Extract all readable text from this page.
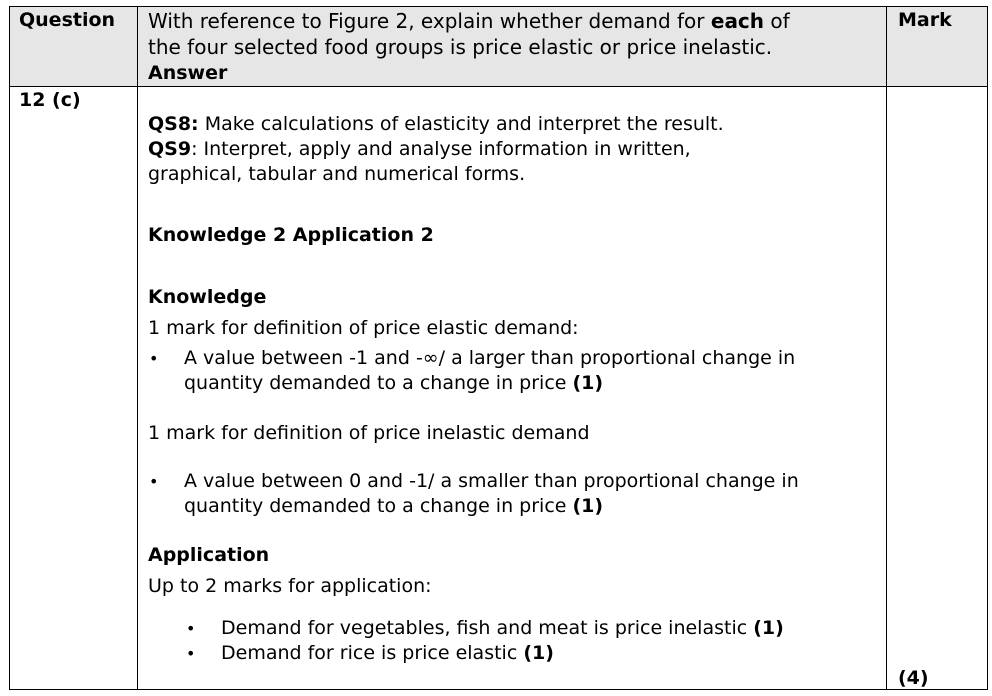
Question With reference to Figure 2, explain whether demand for each of
the four selected food groups is price elastic or price inelastic.
Answer
Mark
12 (c)
QS8: Make calculations of elasticity and interpret the result.
QS9: Interpret, apply and analyse information in written,
graphical, tabular and numerical forms.
Knowledge 2 Application 2
Knowledge
1 mark for definition of price elastic demand:
• A value between -1 and -∞/ a larger than proportional change in
quantity demanded to a change in price (1)
1 mark for definition of price inelastic demand
• A value between 0 and -1/ a smaller than proportional change in
quantity demanded to a change in price (1)
Application
Up to 2 marks for application:
• Demand for vegetables, fish and meat is price inelastic (1)
• Demand for rice is price elastic (1)
(4)
